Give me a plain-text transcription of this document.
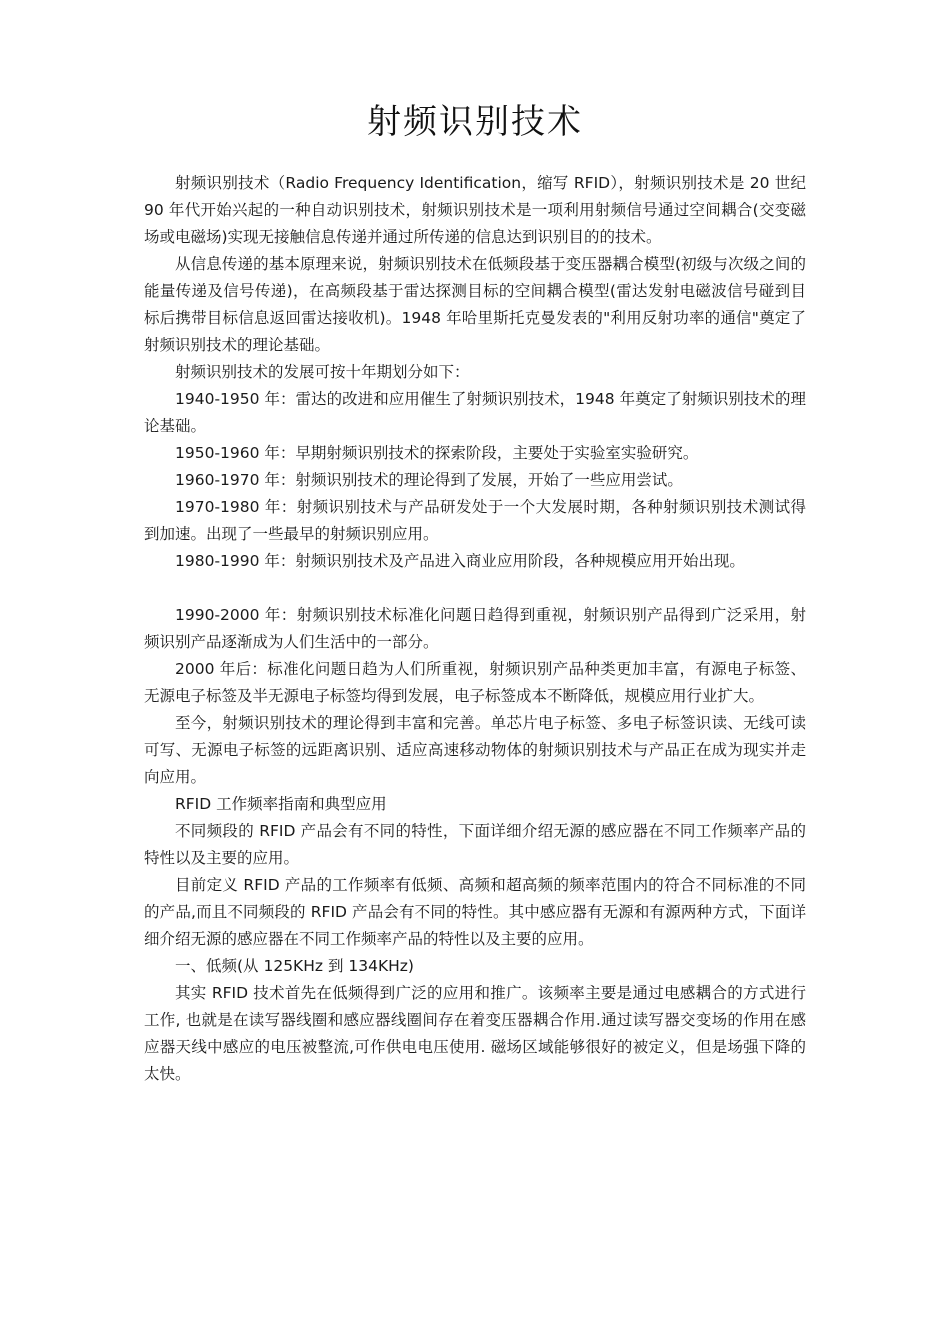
射频识别技术

射频识别技术（Radio Frequency Identification，缩写 RFID），射频识别技术是 20 世纪 90 年代开始兴起的一种自动识别技术，射频识别技术是一项利用射频信号通过空间耦合(交变磁场或电磁场)实现无接触信息传递并通过所传递的信息达到识别目的的技术。

从信息传递的基本原理来说，射频识别技术在低频段基于变压器耦合模型(初级与次级之间的能量传递及信号传递)，在高频段基于雷达探测目标的空间耦合模型(雷达发射电磁波信号碰到目标后携带目标信息返回雷达接收机)。1948 年哈里斯托克曼发表的"利用反射功率的通信"奠定了射频识别技术的理论基础。

射频识别技术的发展可按十年期划分如下：

1940-1950 年：雷达的改进和应用催生了射频识别技术，1948 年奠定了射频识别技术的理论基础。

1950-1960 年：早期射频识别技术的探索阶段，主要处于实验室实验研究。

1960-1970 年：射频识别技术的理论得到了发展，开始了一些应用尝试。

1970-1980 年：射频识别技术与产品研发处于一个大发展时期，各种射频识别技术测试得到加速。出现了一些最早的射频识别应用。

1980-1990 年：射频识别技术及产品进入商业应用阶段，各种规模应用开始出现。

1990-2000 年：射频识别技术标准化问题日趋得到重视，射频识别产品得到广泛采用，射频识别产品逐渐成为人们生活中的一部分。

2000 年后：标准化问题日趋为人们所重视，射频识别产品种类更加丰富，有源电子标签、无源电子标签及半无源电子标签均得到发展，电子标签成本不断降低，规模应用行业扩大。

至今，射频识别技术的理论得到丰富和完善。单芯片电子标签、多电子标签识读、无线可读可写、无源电子标签的远距离识别、适应高速移动物体的射频识别技术与产品正在成为现实并走向应用。

RFID 工作频率指南和典型应用

不同频段的 RFID 产品会有不同的特性，下面详细介绍无源的感应器在不同工作频率产品的特性以及主要的应用。

目前定义 RFID 产品的工作频率有低频、高频和超高频的频率范围内的符合不同标准的不同的产品,而且不同频段的 RFID 产品会有不同的特性。其中感应器有无源和有源两种方式，下面详细介绍无源的感应器在不同工作频率产品的特性以及主要的应用。

一、低频(从 125KHz 到 134KHz)

其实 RFID 技术首先在低频得到广泛的应用和推广。该频率主要是通过电感耦合的方式进行工作, 也就是在读写器线圈和感应器线圈间存在着变压器耦合作用.通过读写器交变场的作用在感应器天线中感应的电压被整流,可作供电电压使用. 磁场区域能够很好的被定义，但是场强下降的太快。
